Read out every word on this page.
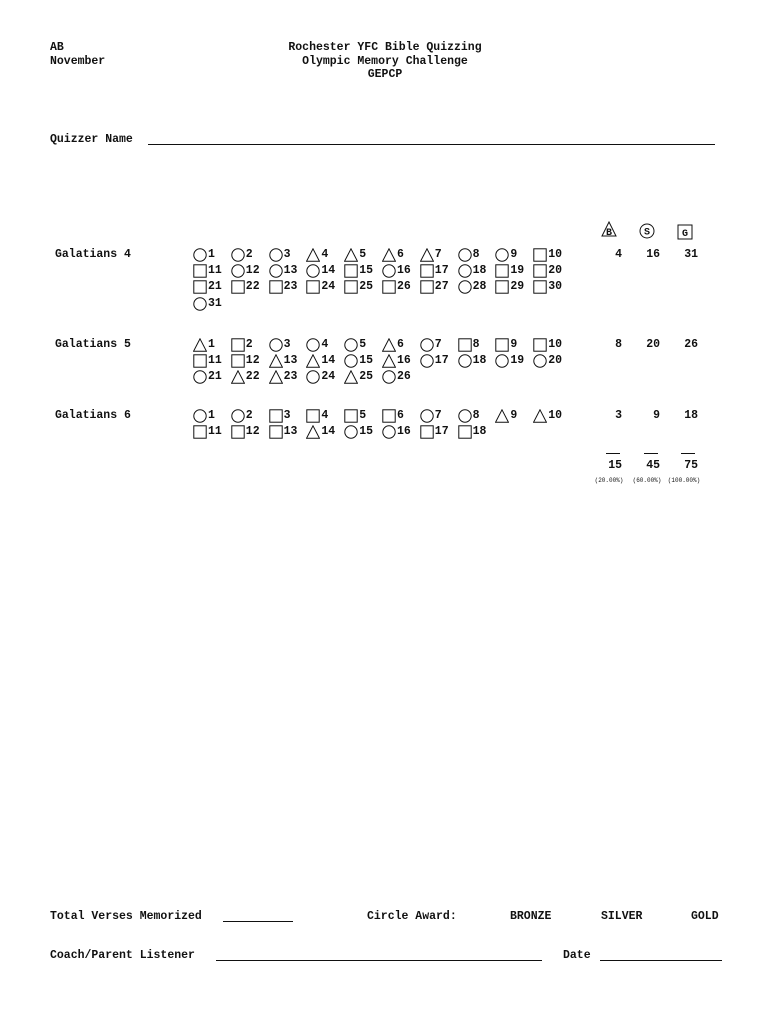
AB
November
Rochester YFC Bible Quizzing
Olympic Memory Challenge
GEPCP
Quizzer Name
B	S	G
Galatians 4	1	2	3	4	5	6	7	8	9	10
11 12 13 14 15 16 17 18 19 20
21 22 23 24 25 26 27 28 29 30
31
4	16	31
Galatians 5	1	2	3	4	5	6	7	8	9	10
11 12 13 14 15 16 17 18 19 20
21 22 23 24 25 26
8	20	26
Galatians 6	1	2	3	4	5	6	7	8	9	10
11 12 13 14 15 16 17 18
3	9	18
15	45	75
(20.00%)	(60.00%)	(100.00%)
Total Verses Memorized	Circle Award:	BRONZE	SILVER	GOLD
Coach/Parent Listener	Date
